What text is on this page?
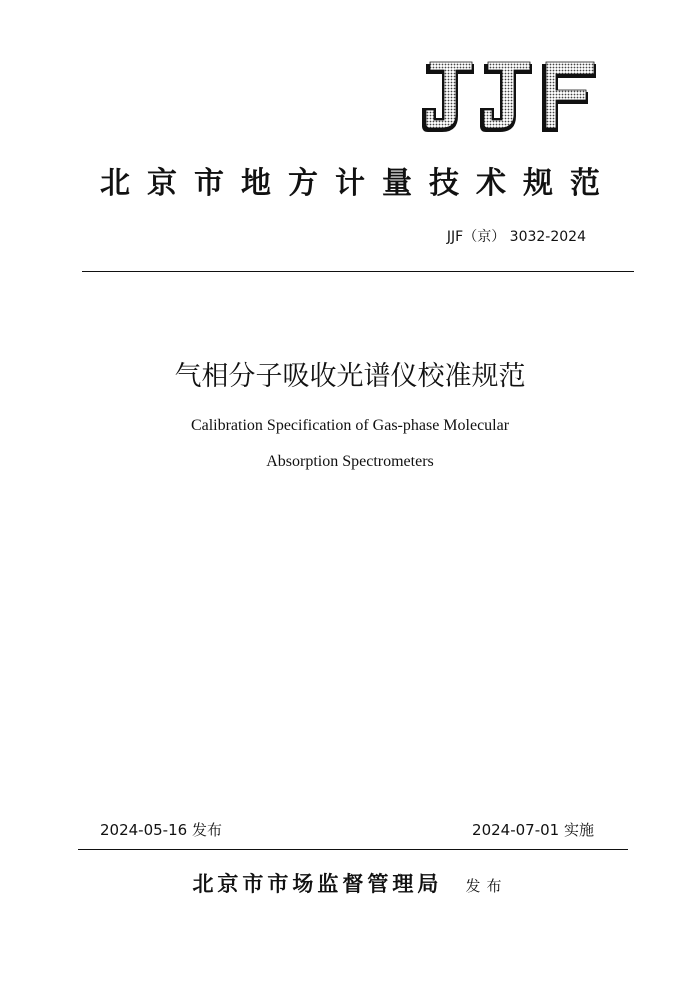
北京市地方计量技术规范
JJF（京） 3032-2024
气相分子吸收光谱仪校准规范
Calibration Specification of Gas-phase Molecular
Absorption Spectrometers
2024-05-16 发布	2024-07-01 实施
北京市市场监督管理局 发布
